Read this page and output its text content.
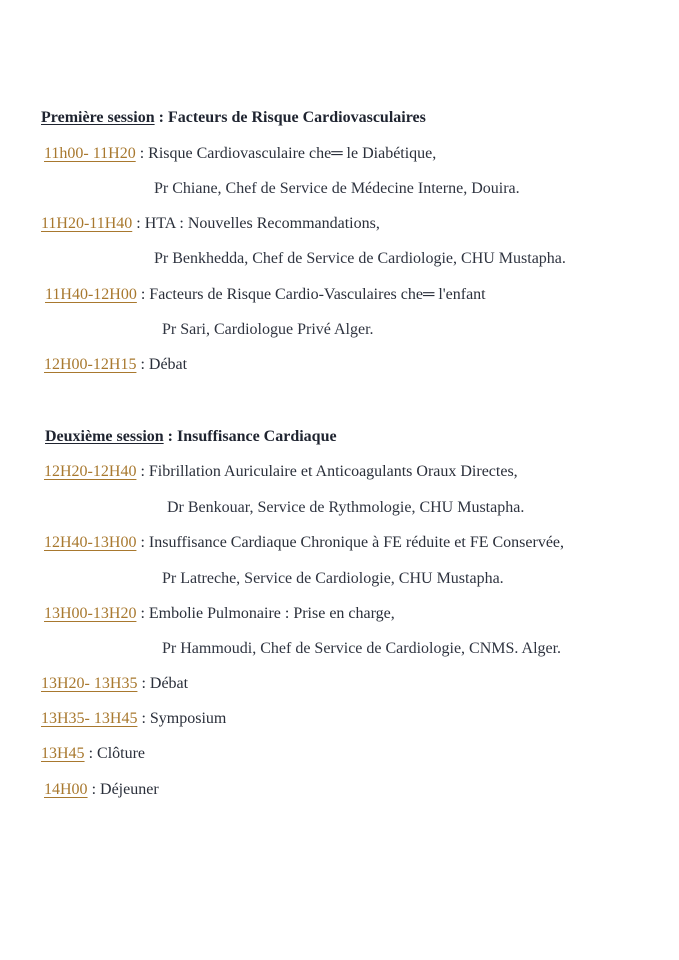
Première session : Facteurs de Risque Cardiovasculaires
11h00- 11H20 : Risque Cardiovasculaire che═ le Diabétique,
Pr Chiane, Chef de Service de Médecine Interne, Douira.
11H20-11H40 : HTA : Nouvelles Recommandations,
Pr Benkhedda, Chef de Service de Cardiologie, CHU Mustapha.
11H40-12H00 : Facteurs de Risque Cardio-Vasculaires che═ l'enfant
Pr Sari, Cardiologue Privé Alger.
12H00-12H15 : Débat
Deuxième session : Insuffisance Cardiaque
12H20-12H40 : Fibrillation Auriculaire et Anticoagulants Oraux Directes,
Dr Benkouar, Service de Rythmologie, CHU Mustapha.
12H40-13H00 : Insuffisance Cardiaque Chronique à FE réduite et FE Conservée,
Pr Latreche, Service de Cardiologie, CHU Mustapha.
13H00-13H20 : Embolie Pulmonaire : Prise en charge,
Pr Hammoudi, Chef de Service de Cardiologie, CNMS. Alger.
13H20- 13H35 : Débat
13H35- 13H45 : Symposium
13H45 : Clôture
14H00 : Déjeuner
